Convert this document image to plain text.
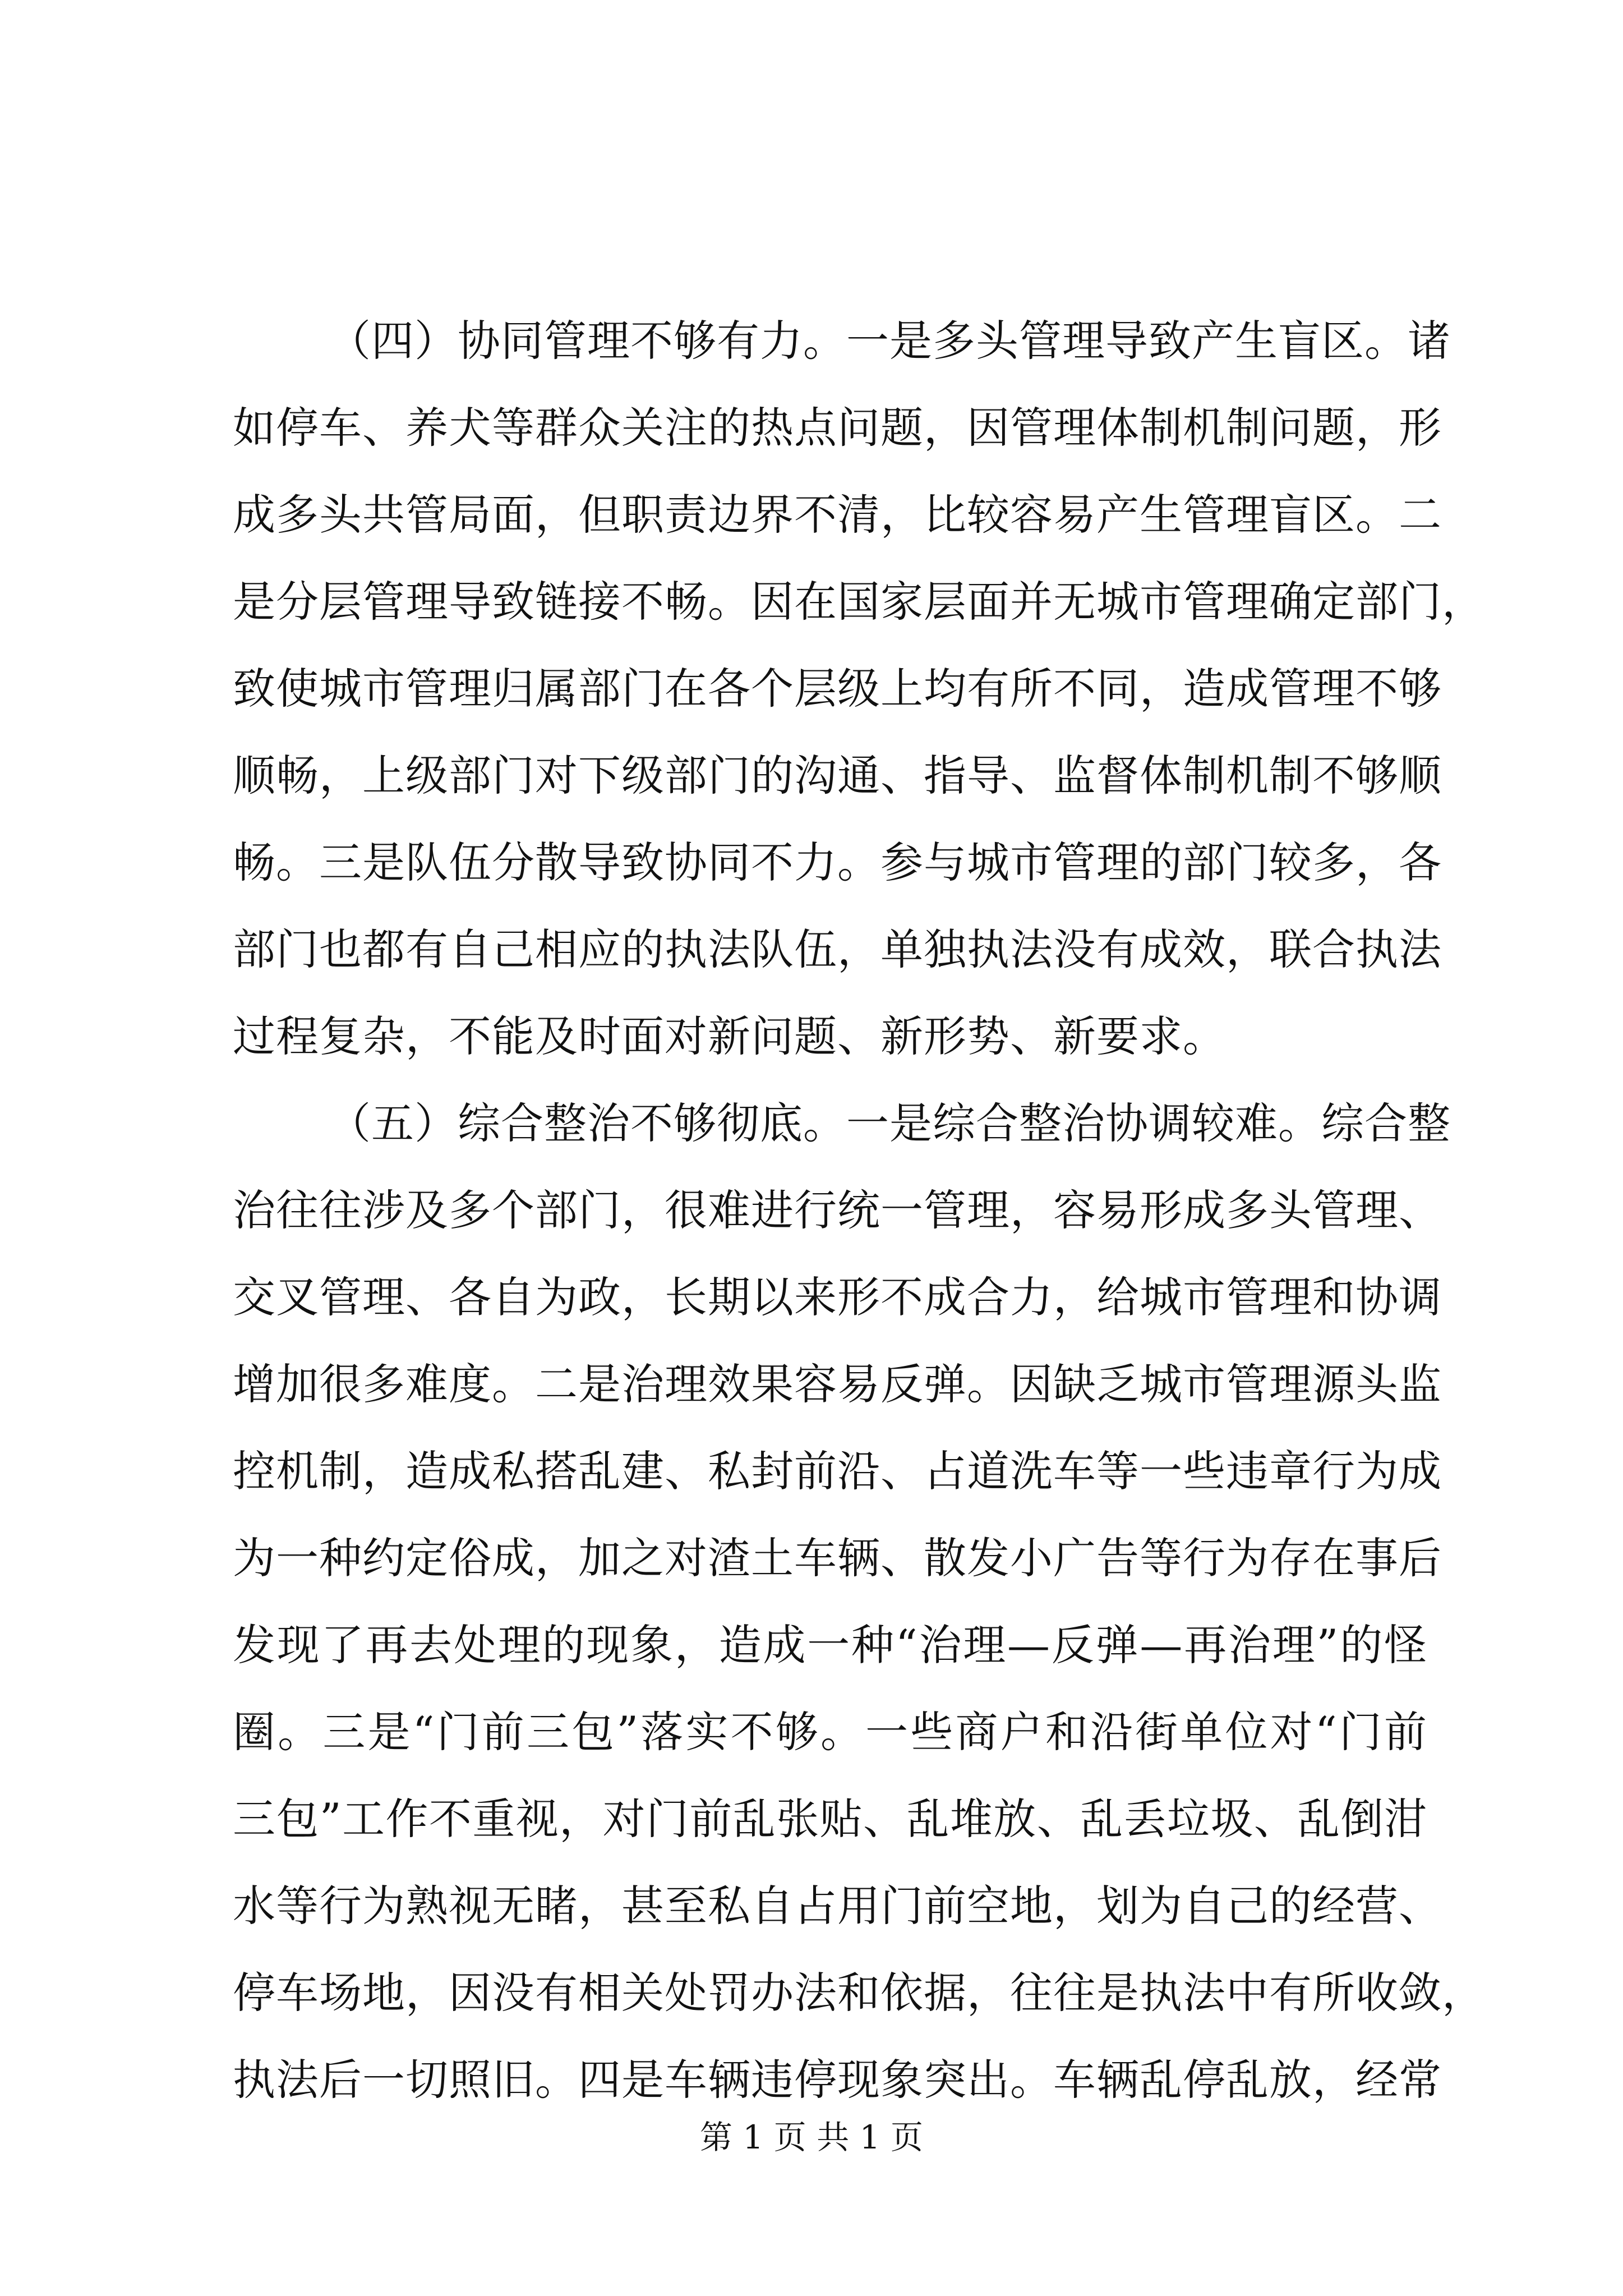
（四）协同管理不够有力。一是多头管理导致产生盲区。诸
如停车、养犬等群众关注的热点问题，因管理体制机制问题，形
成多头共管局面，但职责边界不清，比较容易产生管理盲区。二
是分层管理导致链接不畅。因在国家层面并无城市管理确定部门，
致使城市管理归属部门在各个层级上均有所不同，造成管理不够
顺畅，上级部门对下级部门的沟通、指导、监督体制机制不够顺
畅。三是队伍分散导致协同不力。参与城市管理的部门较多，各
部门也都有自己相应的执法队伍，单独执法没有成效，联合执法
过程复杂，不能及时面对新问题、新形势、新要求。
（五）综合整治不够彻底。一是综合整治协调较难。综合整
治往往涉及多个部门，很难进行统一管理，容易形成多头管理、
交叉管理、各自为政，长期以来形不成合力，给城市管理和协调
增加很多难度。二是治理效果容易反弹。因缺乏城市管理源头监
控机制，造成私搭乱建、私封前沿、占道洗车等一些违章行为成
为一种约定俗成，加之对渣土车辆、散发小广告等行为存在事后
发现了再去处理的现象，造成一种“治理—反弹—再治理”的怪
圈。三是“门前三包”落实不够。一些商户和沿街单位对“门前
三包”工作不重视，对门前乱张贴、乱堆放、乱丢垃圾、乱倒泔
水等行为熟视无睹，甚至私自占用门前空地，划为自己的经营、
停车场地，因没有相关处罚办法和依据，往往是执法中有所收敛，
执法后一切照旧。四是车辆违停现象突出。车辆乱停乱放，经常
第 1 页 共 1 页
